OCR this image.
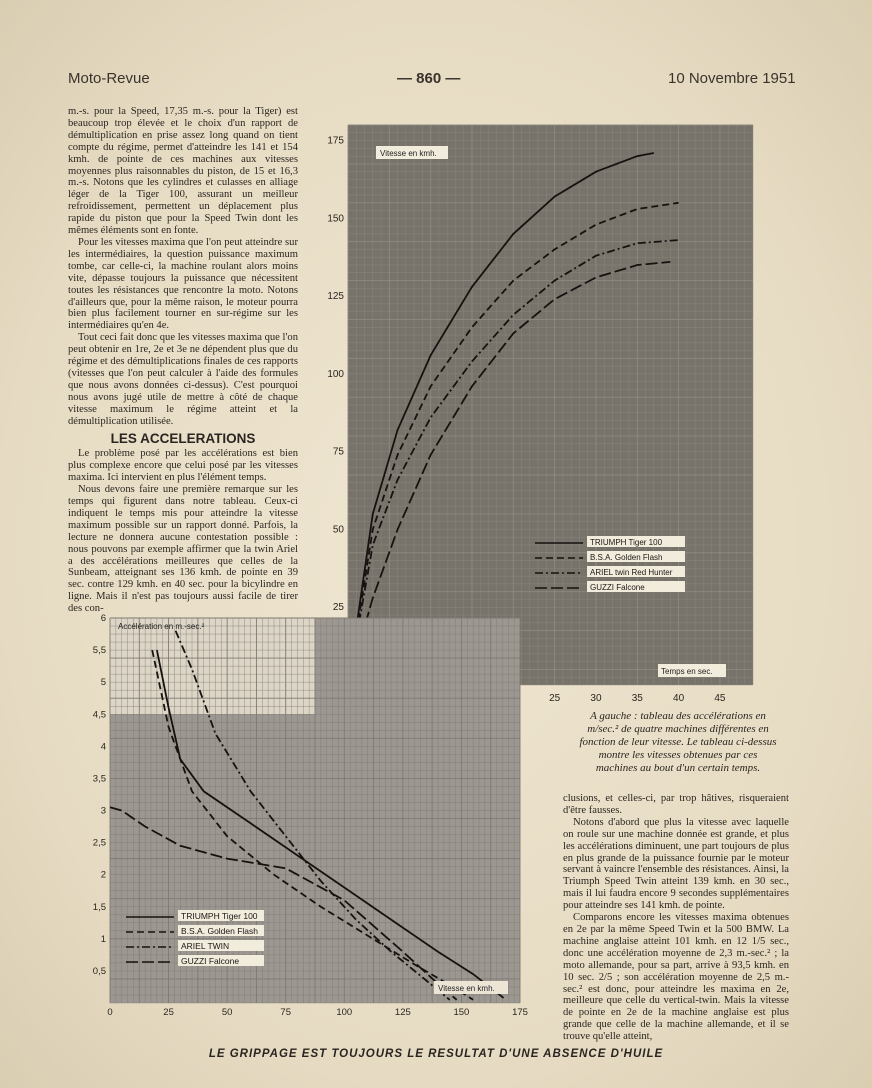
Moto-Revue	— 860 —	10 Novembre 1951

m.-s. pour la Speed, 17,35 m.-s. pour la Tiger) est beaucoup trop élevée et le choix d'un rapport de démultiplication en prise assez long quand on tient compte du régime, permet d'atteindre les 141 et 154 kmh. de pointe de ces machines aux vitesses moyennes plus raisonnables du piston, de 15 et 16,3 m.-s. Notons que les cylindres et culasses en alliage léger de la Tiger 100, assurant un meilleur refroidissement, permettent un déplacement plus rapide du piston que pour la Speed Twin dont les mêmes éléments sont en fonte.

Pour les vitesses maxima que l'on peut atteindre sur les intermédiaires, la question puissance maximum tombe, car celle-ci, la machine roulant alors moins vite, dépasse toujours la puissance que nécessitent toutes les résistances que rencontre la moto. Notons d'ailleurs que, pour la même raison, le moteur pourra bien plus facilement tourner en sur-régime sur les intermédiaires qu'en 4e.

Tout ceci fait donc que les vitesses maxima que l'on peut obtenir en 1re, 2e et 3e ne dépendent plus que du régime et des démultiplications finales de ces rapports (vitesses que l'on peut calculer à l'aide des formules que nous avons données ci-dessus). C'est pourquoi nous avons jugé utile de mettre à côté de chaque vitesse maximum le régime atteint et la démultiplication utilisée.

LES ACCELERATIONS

Le problème posé par les accélérations est bien plus complexe encore que celui posé par les vitesses maxima. Ici intervient en plus l'élément temps.

Nous devons faire une première remarque sur les temps qui figurent dans notre tableau. Ceux-ci indiquent le temps mis pour atteindre la vitesse maximum possible sur un rapport donné. Parfois, la lecture ne donnera aucune contestation possible : nous pouvons par exemple affirmer que la twin Ariel a des accélérations meilleures que celles de la Sunbeam, atteignant ses 136 kmh. de pointe en 39 sec. contre 129 kmh. en 40 sec. pour la bicylindre en ligne. Mais il n'est pas toujours aussi facile de tirer des con-

25	30	35	40	45
25
50
75
100
125
150
175
Vitesse en kmh.
Temps en sec.
TRIUMPH Tiger 100
B.S.A. Golden Flash
ARIEL twin Red Hunter
GUZZI Falcone
0	25	50	75	100	125	150	175
0,5
1
1,5
2
2,5
3
3,5
4
4,5
5
5,5
6
Accélération en m.-sec.²
Vitesse en kmh.
TRIUMPH Tiger 100
B.S.A. Golden Flash
ARIEL TWIN
GUZZI Falcone
A gauche : tableau des accélérations en m/sec.² de quatre machines différentes en fonction de leur vitesse. Le tableau ci-dessus montre les vitesses obtenues par ces machines au bout d'un certain temps.

clusions, et celles-ci, par trop hâtives, risqueraient d'être fausses.

Notons d'abord que plus la vitesse avec laquelle on roule sur une machine donnée est grande, et plus les accélérations diminuent, une part toujours de plus en plus grande de la puissance fournie par le moteur servant à vaincre l'ensemble des résistances. Ainsi, la Triumph Speed Twin atteint 139 kmh. en 30 sec., mais il lui faudra encore 9 secondes supplémentaires pour atteindre ses 141 kmh. de pointe.

Comparons encore les vitesses maxima obtenues en 2e par la même Speed Twin et la 500 BMW. La machine anglaise atteint 101 kmh. en 12 1/5 sec., donc une accélération moyenne de 2,3 m.-sec.² ; la moto allemande, pour sa part, arrive à 93,5 kmh. en 10 sec. 2/5 ; son accélération moyenne de 2,5 m.-sec.² est donc, pour atteindre les maxima en 2e, meilleure que celle du vertical-twin. Mais la vitesse de pointe en 2e de la machine anglaise est plus grande que celle de la machine allemande, et il se trouve qu'elle atteint,

LE GRIPPAGE EST TOUJOURS LE RESULTAT D'UNE ABSENCE D'HUILE
